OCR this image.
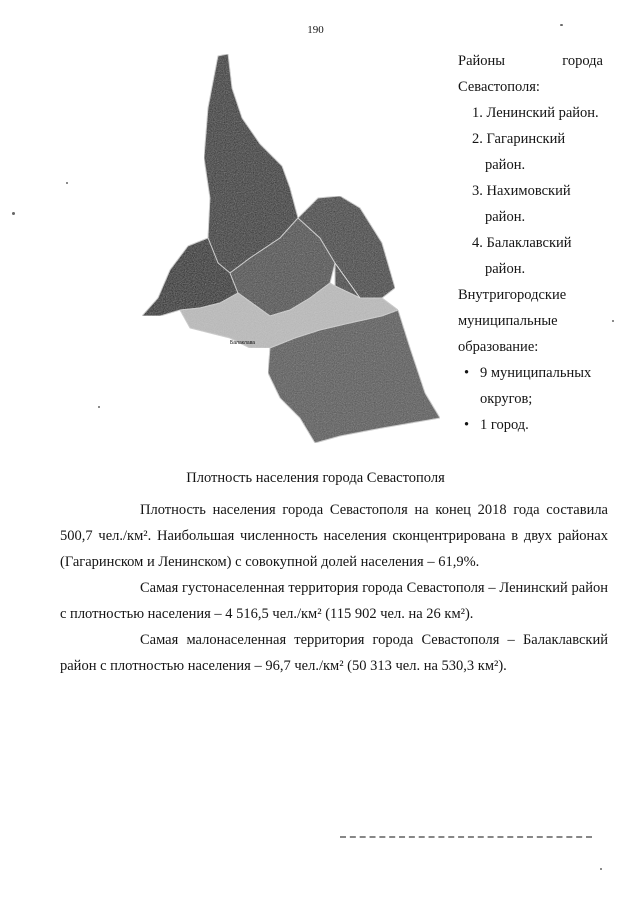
190
Балаклава
Районы города Севастополя:
1. Ленинский район.
2. Гагаринский район.
3. Нахимовский район.
4. Балаклавский район.
Внутригородские муниципальные образование:
• 9 муниципальных округов;
• 1 город.
Плотность населения города Севастополя

Плотность населения города Севастополя на конец 2018 года составила 500,7 чел./км². Наибольшая численность населения сконцентрирована в двух районах (Гагаринском и Ленинском) с совокупной долей населения – 61,9%.

Самая густонаселенная территория города Севастополя – Ленинский район с плотностью населения – 4 516,5 чел./км² (115 902 чел. на 26 км²).

Самая малонаселенная территория города Севастополя – Балаклавский район с плотностью населения – 96,7 чел./км² (50 313 чел. на 530,3 км²).
